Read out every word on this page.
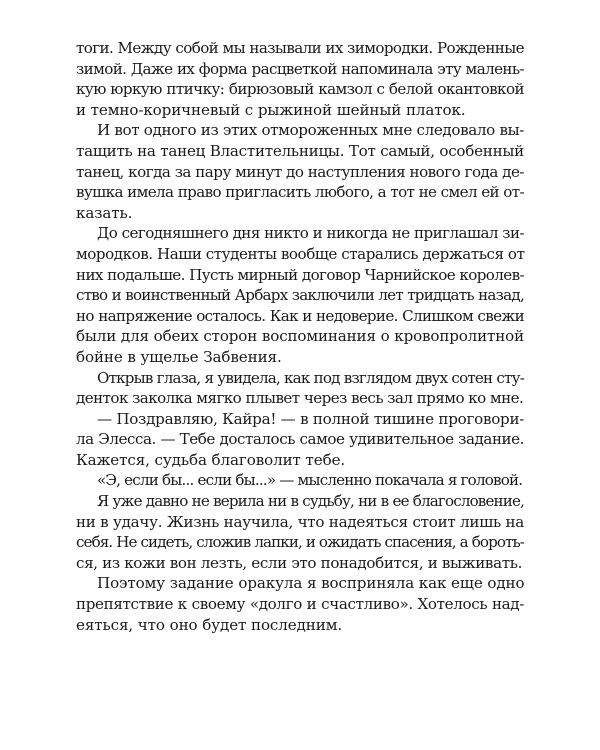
тоги. Между собой мы называли их зимородки. Рожденные
зимой. Даже их форма расцветкой напоминала эту малень-
кую юркую птичку: бирюзовый камзол с белой окантовкой
и темно-коричневый с рыжиной шейный платок.
И вот одного из этих отмороженных мне следовало вы-
тащить на танец Властительницы. Тот самый, особенный
танец, когда за пару минут до наступления нового года де-
вушка имела право пригласить любого, а тот не смел ей от-
казать.
До сегодняшнего дня никто и никогда не приглашал зи-
мородков. Наши студенты вообще старались держаться от
них подальше. Пусть мирный договор Чарнийское королев-
ство и воинственный Арбарх заключили лет тридцать назад,
но напряжение осталось. Как и недоверие. Слишком свежи
были для обеих сторон воспоминания о кровопролитной
бойне в ущелье Забвения.
Открыв глаза, я увидела, как под взглядом двух сотен сту-
денток заколка мягко плывет через весь зал прямо ко мне.
— Поздравляю, Кайра! — в полной тишине проговори-
ла Элесса. — Тебе досталось самое удивительное задание.
Кажется, судьба благоволит тебе.
«Э, если бы... если бы...» — мысленно покачала я головой.
Я уже давно не верила ни в судьбу, ни в ее благословение,
ни в удачу. Жизнь научила, что надеяться стоит лишь на
себя. Не сидеть, сложив лапки, и ожидать спасения, а бороть-
ся, из кожи вон лезть, если это понадобится, и выживать.
Поэтому задание оракула я восприняла как еще одно
препятствие к своему «долго и счастливо». Хотелось над-
еяться, что оно будет последним.
